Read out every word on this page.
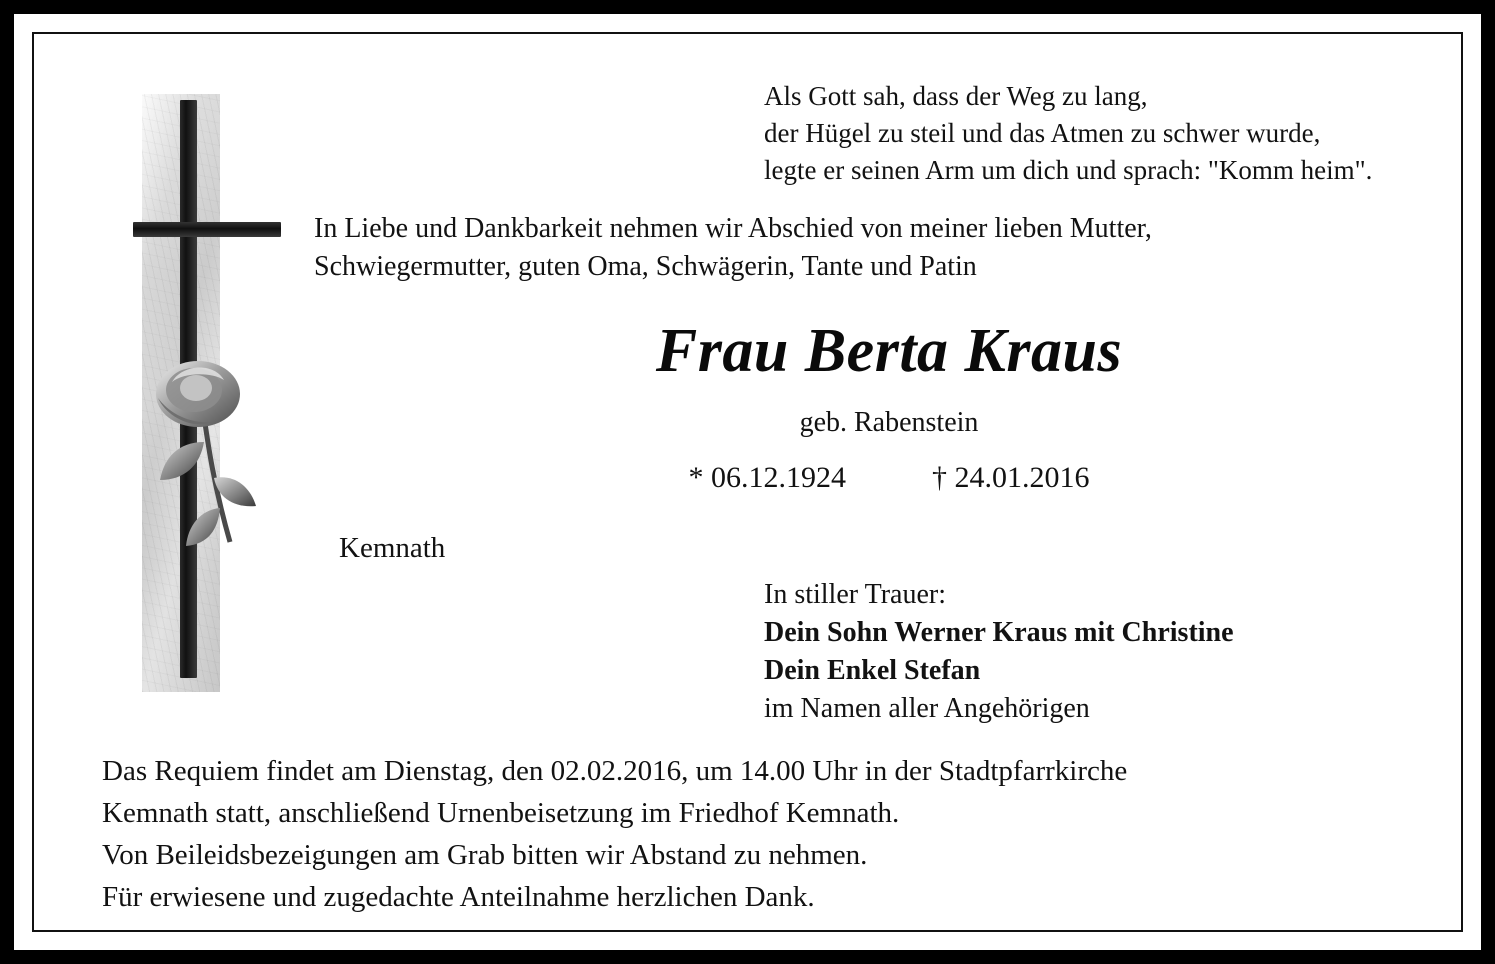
Als Gott sah, dass der Weg zu lang,
der Hügel zu steil und das Atmen zu schwer wurde,
legte er seinen Arm um dich und sprach: "Komm heim".
In Liebe und Dankbarkeit nehmen wir Abschied von meiner lieben Mutter,
Schwiegermutter, guten Oma, Schwägerin, Tante und Patin
Frau Berta Kraus
geb. Rabenstein
* 06.12.1924	† 24.01.2016
Kemnath
In stiller Trauer:
Dein Sohn Werner Kraus mit Christine
Dein Enkel Stefan
im Namen aller Angehörigen
Das Requiem findet am Dienstag, den 02.02.2016, um 14.00 Uhr in der Stadtpfarrkirche
Kemnath statt, anschließend Urnenbeisetzung im Friedhof Kemnath.
Von Beileidsbezeigungen am Grab bitten wir Abstand zu nehmen.
Für erwiesene und zugedachte Anteilnahme herzlichen Dank.
